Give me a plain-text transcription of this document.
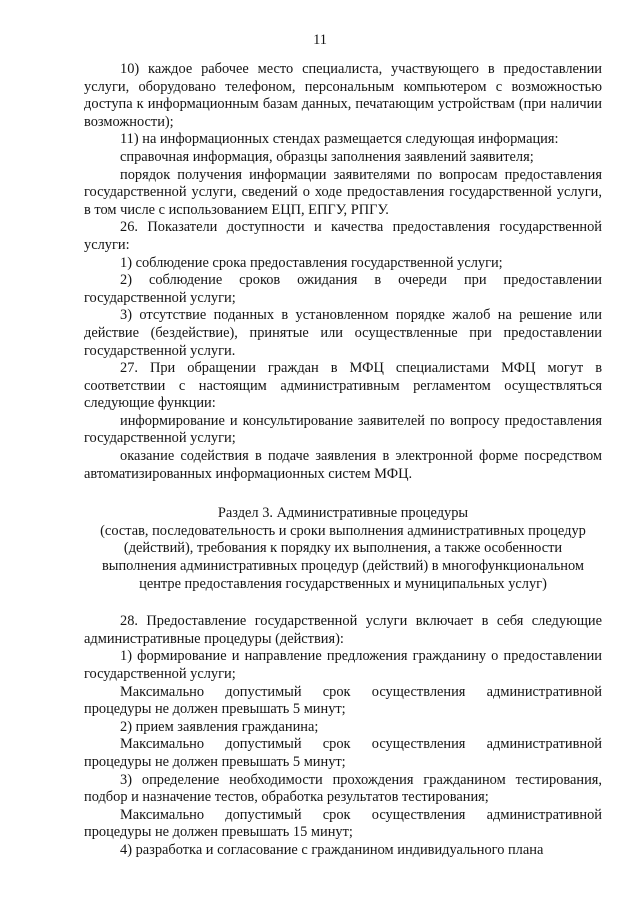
11

10) каждое рабочее место специалиста, участвующего в предоставлении услуги, оборудовано телефоном, персональным компьютером с возможностью доступа к информационным базам данных, печатающим устройствам (при наличии возможности);

11) на информационных стендах размещается следующая информация:

справочная информация, образцы заполнения заявлений заявителя;

порядок получения информации заявителями по вопросам предоставления государственной услуги, сведений о ходе предоставления государственной услуги, в том числе с использованием ЕЦП, ЕПГУ, РПГУ.

26. Показатели доступности и качества предоставления государственной услуги:

1) соблюдение срока предоставления государственной услуги;

2) соблюдение сроков ожидания в очереди при предоставлении государственной услуги;

3) отсутствие поданных в установленном порядке жалоб на решение или действие (бездействие), принятые или осуществленные при предоставлении государственной услуги.

27. При обращении граждан в МФЦ специалистами МФЦ могут в соответствии с настоящим административным регламентом осуществляться следующие функции:

информирование и консультирование заявителей по вопросу предоставления государственной услуги;

оказание содействия в подаче заявления в электронной форме посредством автоматизированных информационных систем МФЦ.

Раздел 3. Административные процедуры
(состав, последовательность и сроки выполнения административных процедур
(действий), требования к порядку их выполнения, а также особенности
выполнения административных процедур (действий) в многофункциональном
центре предоставления государственных и муниципальных услуг)

28. Предоставление государственной услуги включает в себя следующие административные процедуры (действия):

1) формирование и направление предложения гражданину о предоставлении государственной услуги;

Максимально допустимый срок осуществления административной процедуры не должен превышать 5 минут;

2) прием заявления гражданина;

Максимально допустимый срок осуществления административной процедуры не должен превышать 5 минут;

3) определение необходимости прохождения гражданином тестирования, подбор и назначение тестов, обработка результатов тестирования;

Максимально допустимый срок осуществления административной процедуры не должен превышать 15 минут;

4) разработка и согласование с гражданином индивидуального плана
